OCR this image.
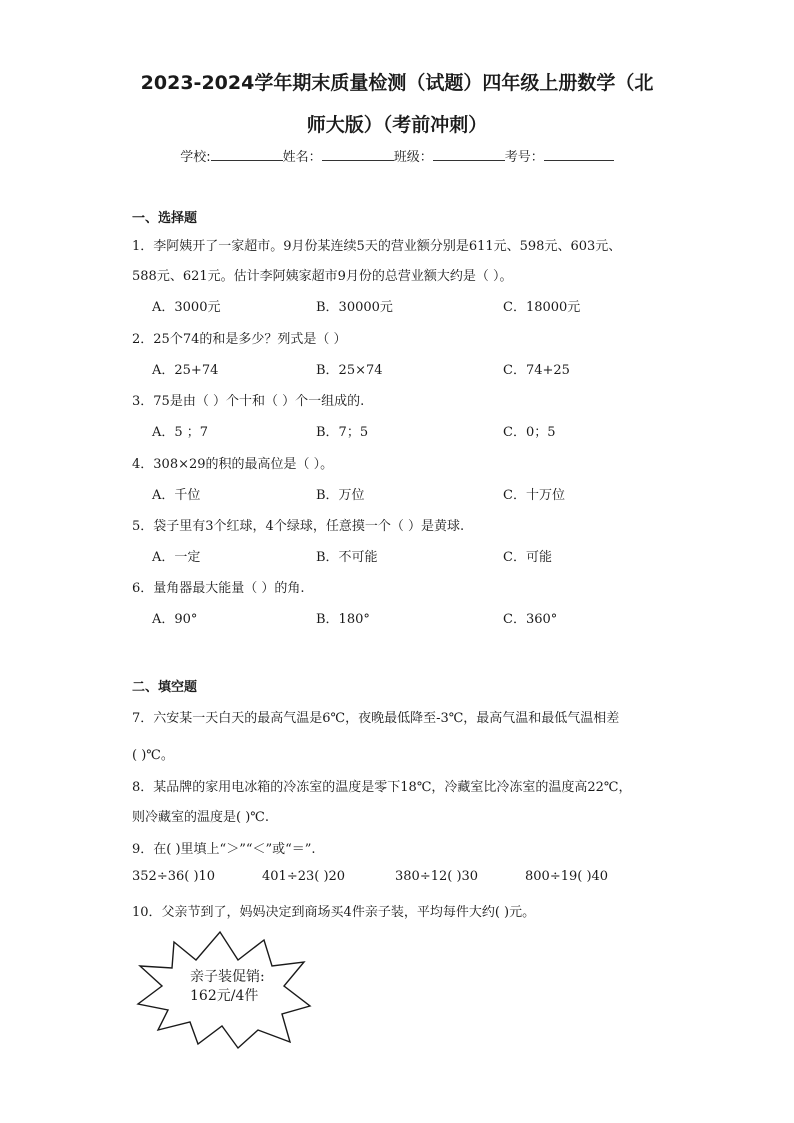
2023-2024学年期末质量检测（试题）四年级上册数学（北
师大版）（考前冲刺）
学校:	姓名：	班级：	考号：
一、选择题
1．李阿姨开了一家超市。9月份某连续5天的营业额分别是611元、598元、603元、
588元、621元。估计李阿姨家超市9月份的总营业额大约是（ ）。
A．3000元	B．30000元	C．18000元
2．25个74的和是多少？列式是（ ）
A．25+74	B．25×74	C．74+25
3．75是由（ ）个十和（ ）个一组成的.
A．5 ；7	B．7；5	C．0；5
4．308×29的积的最高位是（ ）。
A．千位	B．万位	C．十万位
5．袋子里有3个红球，4个绿球，任意摸一个（ ）是黄球.
A．一定	B．不可能	C．可能
6．量角器最大能量（ ）的角.
A．90°	B．180°	C．360°
二、填空题
7．六安某一天白天的最高气温是6℃，夜晚最低降至-3℃，最高气温和最低气温相差
( )℃。
8．某品牌的家用电冰箱的冷冻室的温度是零下18℃，冷藏室比冷冻室的温度高22℃，
则冷藏室的温度是( )℃.
9．在( )里填上“＞”“＜”或“＝”.
352÷36( )10	401÷23( )20	380÷12( )30	800÷19( )40
10．父亲节到了，妈妈决定到商场买4件亲子装，平均每件大约( )元。
亲子装促销:
162元/4件
